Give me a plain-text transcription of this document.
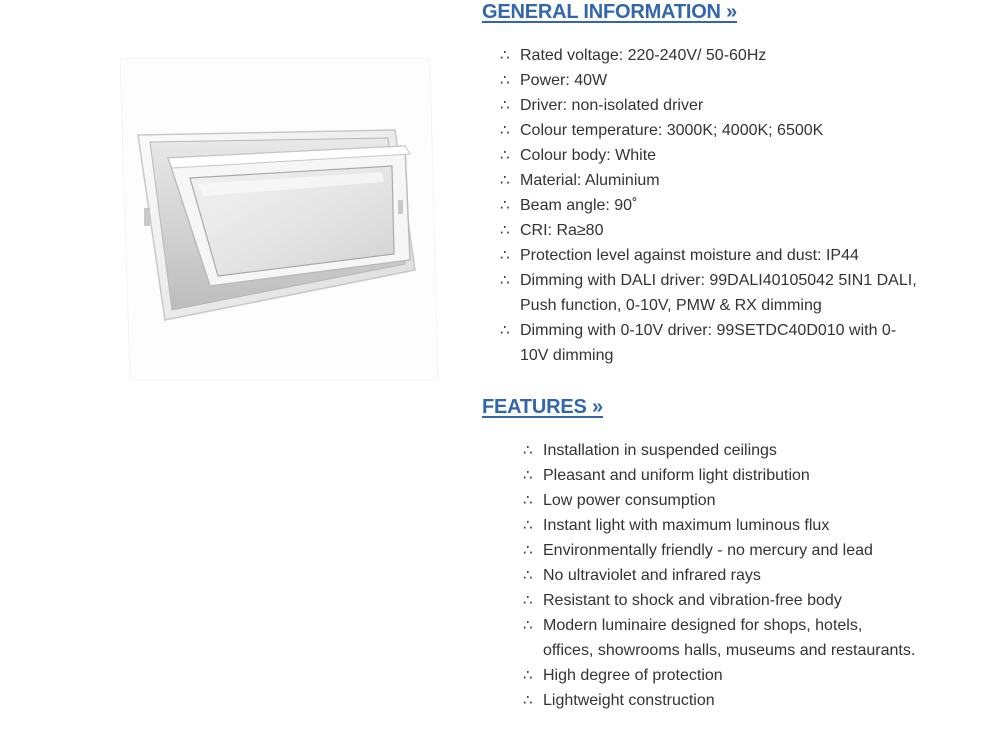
GENERAL INFORMATION »
∴ Rated voltage: 220-240V/ 50-60Hz
∴ Power: 40W
∴ Driver: non-isolated driver
∴ Colour temperature: 3000K; 4000K; 6500K
∴ Colour body: White
∴ Material: Aluminium
∴ Beam angle: 90˚
∴ CRI: Ra≥80
∴ Protection level against moisture and dust: IP44
∴ Dimming with DALI driver: 99DALI40105042 5IN1 DALI,
Push function, 0-10V, PMW & RX dimming
∴ Dimming with 0-10V driver: 99SETDC40D010 with 0-
10V dimming
FEATURES »
∴ Installation in suspended ceilings
∴ Pleasant and uniform light distribution
∴ Low power consumption
∴ Instant light with maximum luminous flux
∴ Environmentally friendly - no mercury and lead
∴ No ultraviolet and infrared rays
∴ Resistant to shock and vibration-free body
∴ Modern luminaire designed for shops, hotels,
offices, showrooms halls, museums and restaurants.
∴ High degree of protection
∴ Lightweight construction
